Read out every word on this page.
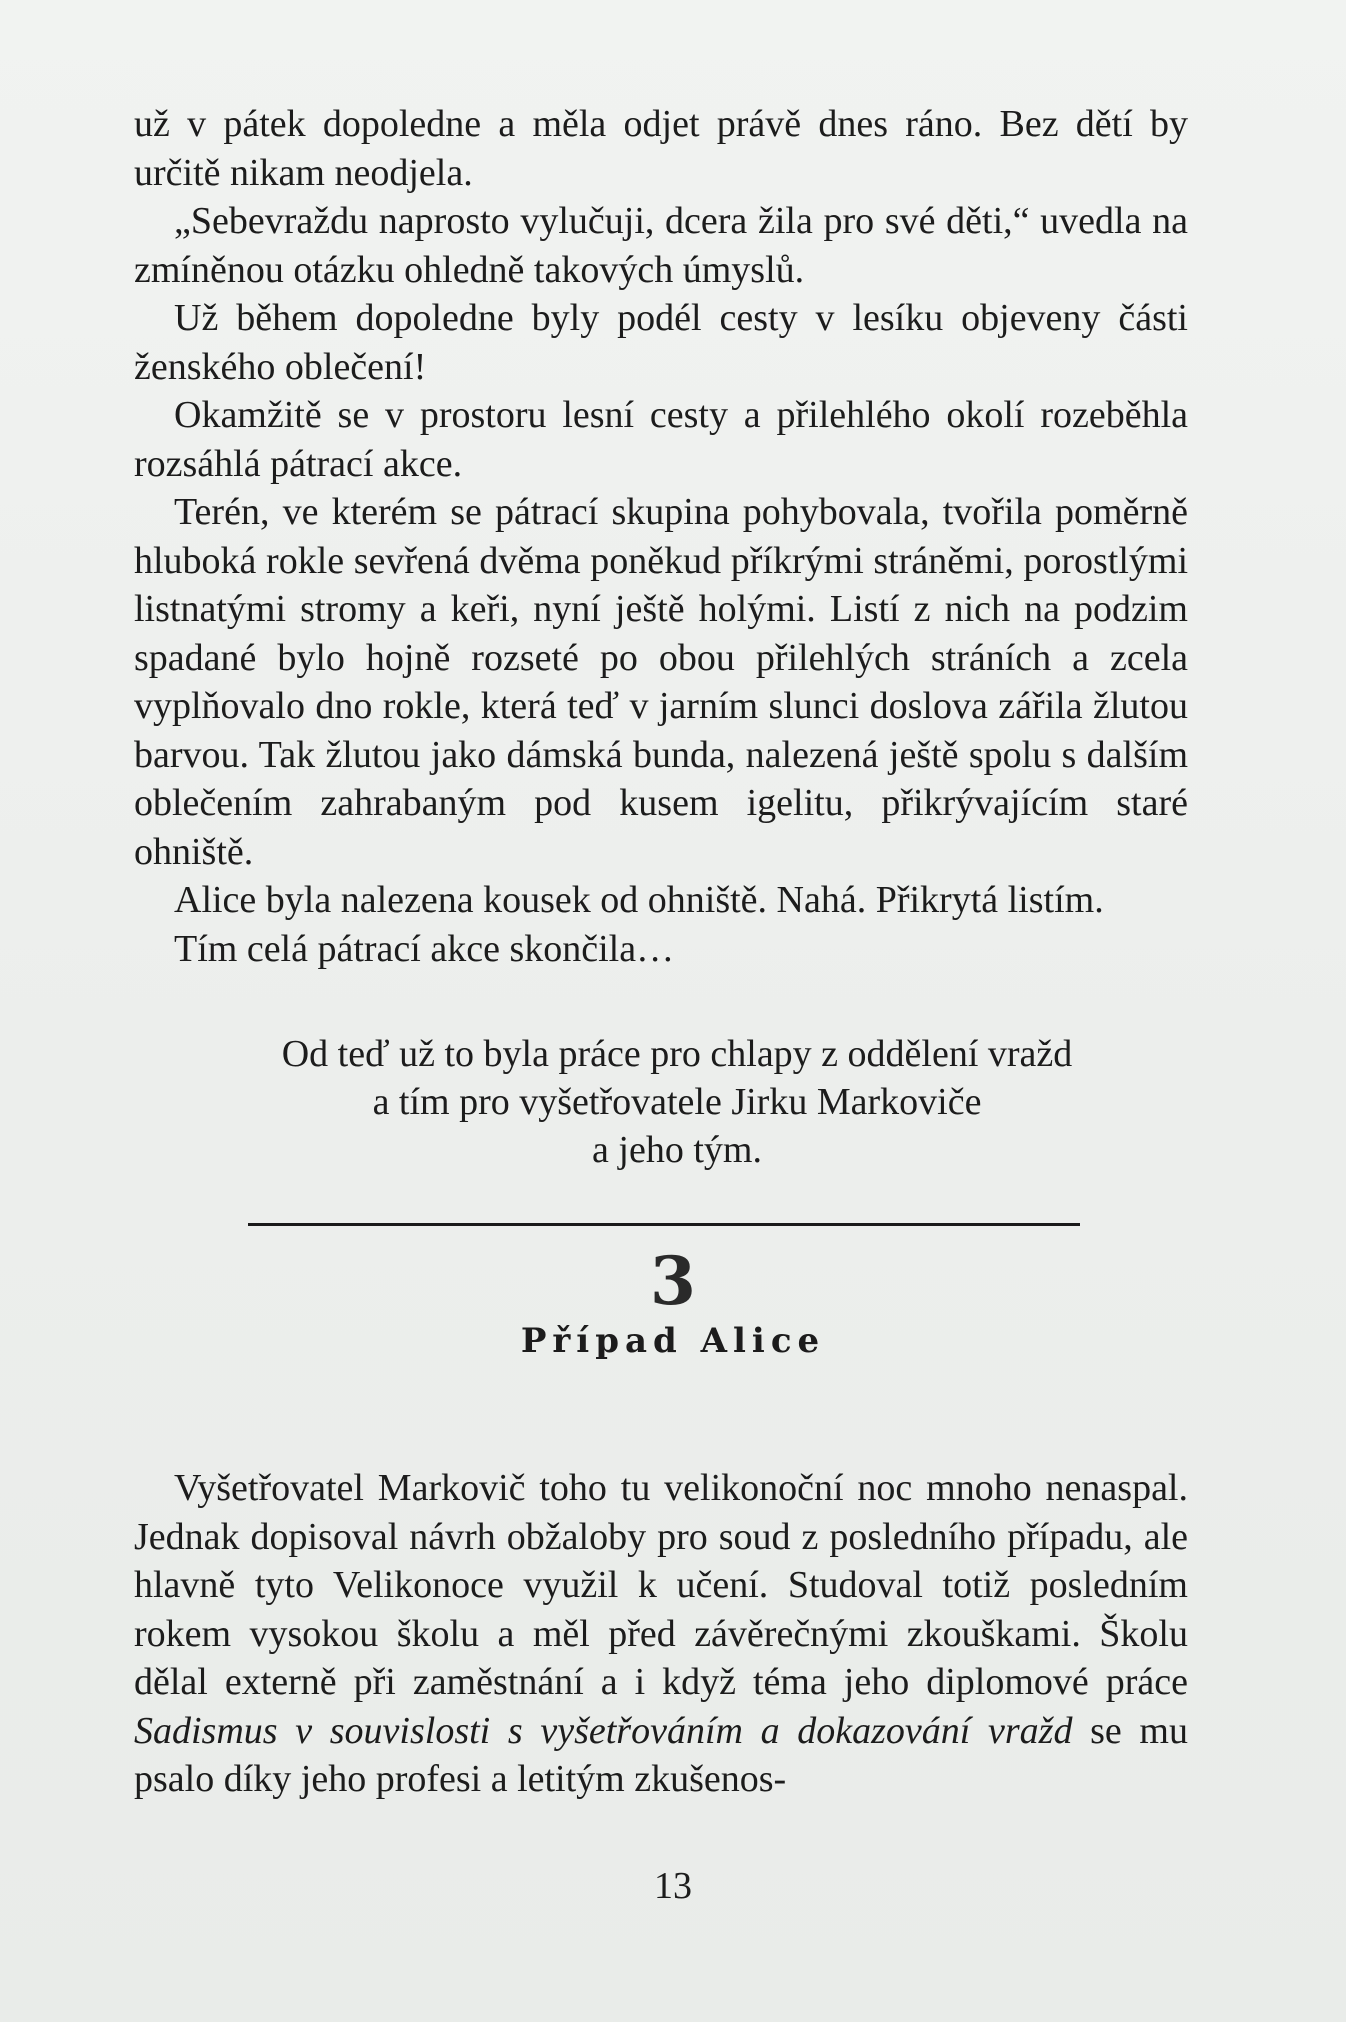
už v pátek dopoledne a měla odjet právě dnes ráno. Bez dětí by určitě nikam neodjela.

„Sebevraždu naprosto vylučuji, dcera žila pro své děti,“ uvedla na zmíněnou otázku ohledně takových úmyslů.

Už během dopoledne byly podél cesty v lesíku objeveny části ženského oblečení!

Okamžitě se v prostoru lesní cesty a přilehlého okolí rozeběhla rozsáhlá pátrací akce.

Terén, ve kterém se pátrací skupina pohybovala, tvořila poměrně hluboká rokle sevřená dvěma poněkud příkrými stráněmi, porostlými listnatými stromy a keři, nyní ještě holými. Listí z nich na podzim spadané bylo hojně rozseté po obou přilehlých stráních a zcela vyplňovalo dno rokle, která teď v jarním slunci doslova zářila žlutou barvou. Tak žlutou jako dámská bunda, nalezená ještě spolu s dalším oblečením zahrabaným pod kusem igelitu, přikrývajícím staré ohniště.

Alice byla nalezena kousek od ohniště. Nahá. Přikrytá listím.

Tím celá pátrací akce skončila…

Od teď už to byla práce pro chlapy z oddělení vražd
a tím pro vyšetřovatele Jirku Markoviče
a jeho tým.
3
Případ Alice

Vyšetřovatel Markovič toho tu velikonoční noc mnoho nenaspal. Jednak dopisoval návrh obžaloby pro soud z posledního případu, ale hlavně tyto Velikonoce využil k učení. Studoval totiž posledním rokem vysokou školu a měl před závěrečnými zkouškami. Školu dělal externě při zaměstnání a i když téma jeho diplomové práce Sadismus v souvislosti s vyšetřováním a dokazování vražd se mu psalo díky jeho profesi a letitým zkušenos-

13
